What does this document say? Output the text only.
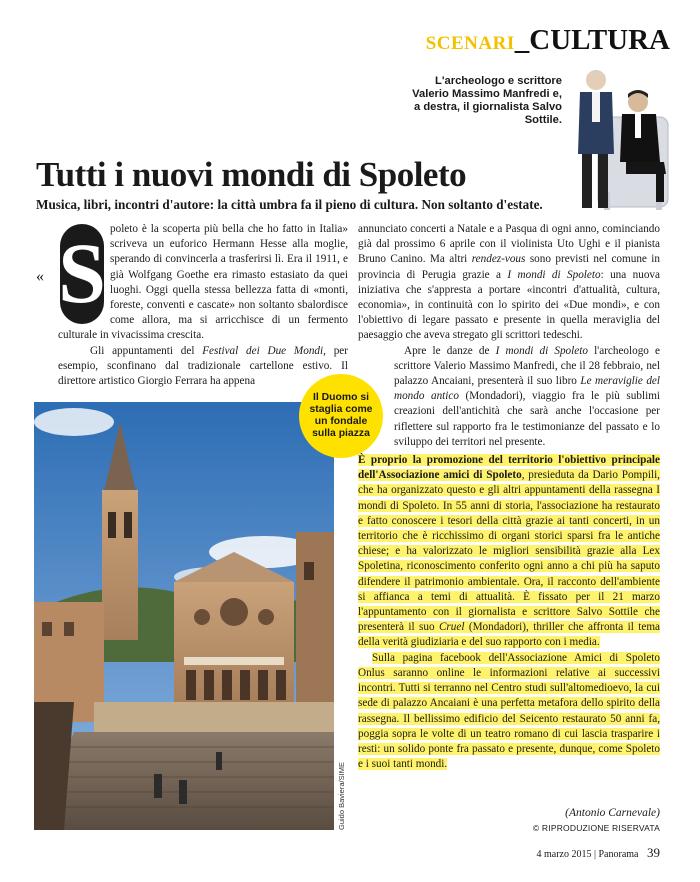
SCENARI_CULTURA
L'archeologo e scrittore Valerio Massimo Manfredi e, a destra, il giornalista Salvo Sottile.
Tutti i nuovi mondi di Spoleto
Musica, libri, incontri d'autore: la città umbra fa il pieno di cultura. Non soltanto d'estate.
« S poleto è la scoperta più bella che ho fatto in Italia» scriveva un euforico Hermann Hesse alla moglie, sperando di convincerla a trasferirsi lì. Era il 1911, e già Wolfgang Goethe era rimasto estasiato da quei luoghi. Oggi quella stessa bellezza fatta di «monti, foreste, conventi e cascate» non soltanto sbalordisce come allora, ma si arricchisce di un fermento culturale in vivacissima crescita.

Gli appuntamenti del Festival dei Due Mondi, per esempio, sconfinano dal tradizionale cartellone estivo. Il direttore artistico Giorgio Ferrara ha appena

annunciato concerti a Natale e a Pasqua di ogni anno, cominciando già dal prossimo 6 aprile con il violinista Uto Ughi e il pianista Bruno Canino. Ma altri rendez-vous sono previsti nel comune in provincia di Perugia grazie a I mondi di Spoleto: una nuova iniziativa che s'appresta a portare «incontri d'attualità, cultura, economia», in continuità con lo spirito dei «Due mondi», e con l'obiettivo di legare passato e presente in quella meraviglia del paesaggio che aveva stregato gli scrittori tedeschi.

Apre le danze de I mondi di Spoleto l'archeologo e scrittore Valerio Massimo Manfredi, che il 28 febbraio, nel palazzo Ancaiani, presenterà il suo libro Le meraviglie del mondo antico (Mondadori), viaggio fra le più sublimi creazioni dell'antichità che sarà anche l'occasione per riflettere sul rapporto fra le testimonianze del passato e lo sviluppo dei territori nel presente.

È proprio la promozione del territorio l'obiettivo principale dell'Associazione amici di Spoleto, presieduta da Dario Pompili, che ha organizzato questo e gli altri appuntamenti della rassegna I mondi di Spoleto. In 55 anni di storia, l'associazione ha restaurato e fatto conoscere i tesori della città grazie ai tanti concerti, in un territorio che è ricchissimo di organi storici sparsi fra le antiche chiese; e ha valorizzato le migliori sensibilità grazie alla Lex Spoletina, riconoscimento conferito ogni anno a chi più ha saputo difendere il patrimonio ambientale. Ora, il racconto dell'ambiente si affianca a temi di attualità. È fissato per il 21 marzo l'appuntamento con il giornalista e scrittore Salvo Sottile che presenterà il suo Cruel (Mondadori), thriller che affronta il tema della verità giudiziaria e del suo rapporto con i media.

Sulla pagina facebook dell'Associazione Amici di Spoleto Onlus saranno online le informazioni relative ai successivi incontri. Tutti si terranno nel Centro studi sull'altomedioevo, la cui sede di palazzo Ancaiani è una perfetta metafora dello spirito della rassegna. Il bellissimo edificio del Seicento restaurato 50 anni fa, poggia sopra le volte di un teatro romano di cui lascia trasparire i resti: un solido ponte fra passato e presente, dunque, come Spoleto e i suoi tanti mondi.

(Antonio Carnevale)
© RIPRODUZIONE RISERVATA
4 marzo 2015 | Panorama 39
Guido Baviera/SIME
Il Duomo si staglia come un fondale sulla piazza
